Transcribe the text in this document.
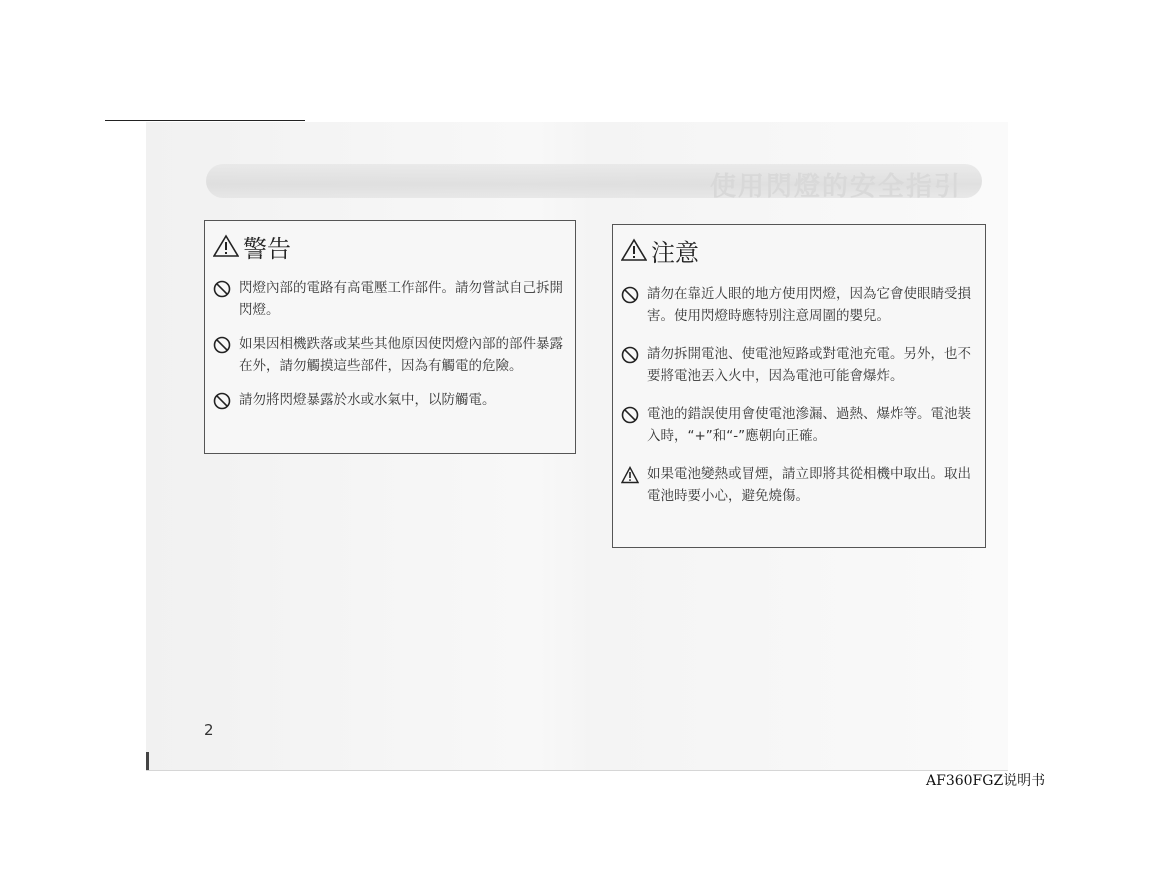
使用閃燈的安全指引
警告
閃燈內部的電路有高電壓工作部件。請勿嘗試自己拆開閃燈。
如果因相機跌落或某些其他原因使閃燈內部的部件暴露在外，請勿觸摸這些部件，因為有觸電的危險。
請勿將閃燈暴露於水或水氣中，以防觸電。
注意
請勿在靠近人眼的地方使用閃燈，因為它會使眼睛受損害。使用閃燈時應特別注意周圍的嬰兒。
請勿拆開電池、使電池短路或對電池充電。另外，也不要將電池丟入火中，因為電池可能會爆炸。
電池的錯誤使用會使電池滲漏、過熱、爆炸等。電池裝入時，“+”和“-”應朝向正確。
如果電池變熱或冒煙，請立即將其從相機中取出。取出電池時要小心，避免燒傷。
2
AF360FGZ说明书
